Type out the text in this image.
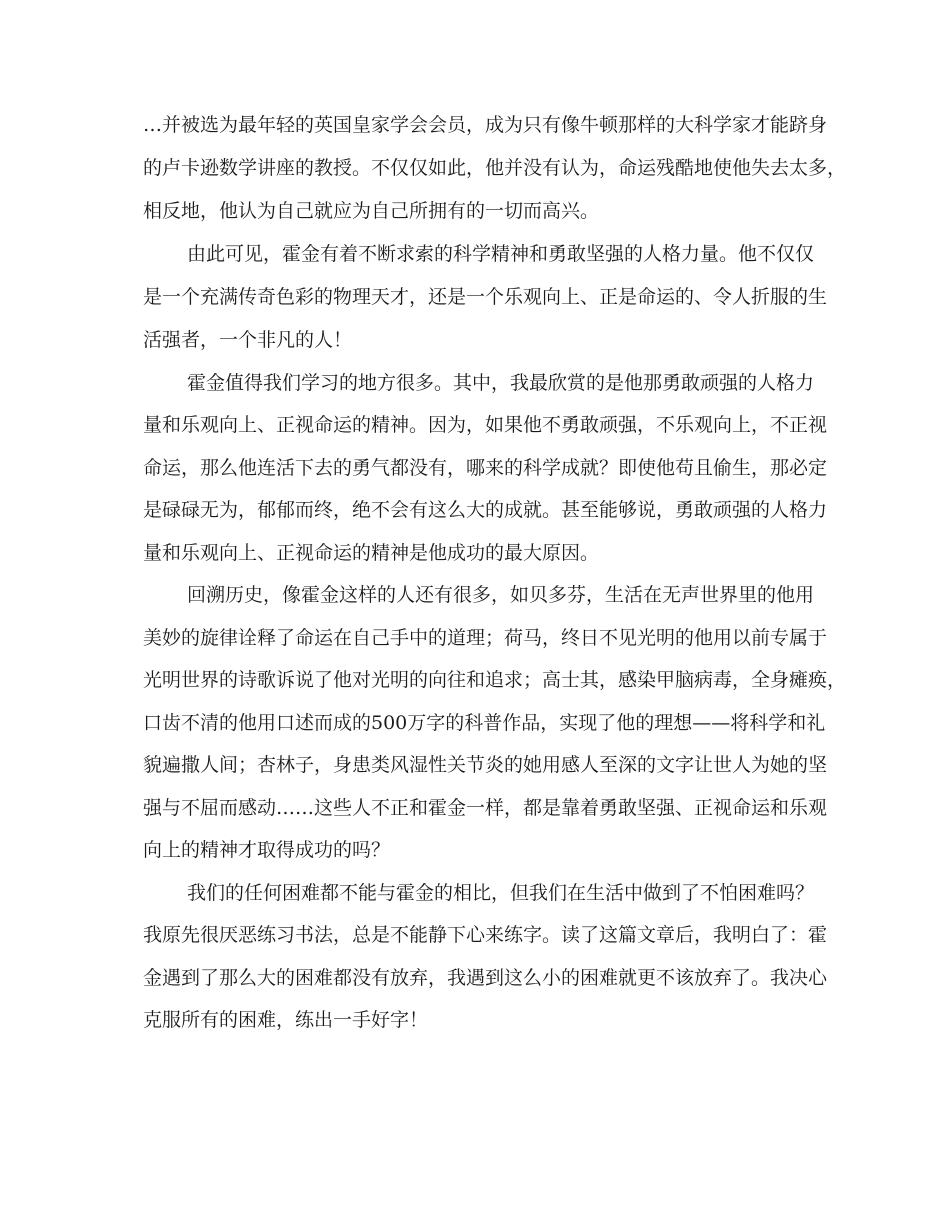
…并被选为最年轻的英国皇家学会会员，成为只有像牛顿那样的大科学家才能跻身
的卢卡逊数学讲座的教授。不仅仅如此，他并没有认为，命运残酷地使他失去太多，
相反地，他认为自己就应为自己所拥有的一切而高兴。
由此可见，霍金有着不断求索的科学精神和勇敢坚强的人格力量。他不仅仅
是一个充满传奇色彩的物理天才，还是一个乐观向上、正是命运的、令人折服的生
活强者，一个非凡的人！
霍金值得我们学习的地方很多。其中，我最欣赏的是他那勇敢顽强的人格力
量和乐观向上、正视命运的精神。因为，如果他不勇敢顽强，不乐观向上，不正视
命运，那么他连活下去的勇气都没有，哪来的科学成就？即使他苟且偷生，那必定
是碌碌无为，郁郁而终，绝不会有这么大的成就。甚至能够说，勇敢顽强的人格力
量和乐观向上、正视命运的精神是他成功的最大原因。
回溯历史，像霍金这样的人还有很多，如贝多芬，生活在无声世界里的他用
美妙的旋律诠释了命运在自己手中的道理；荷马，终日不见光明的他用以前专属于
光明世界的诗歌诉说了他对光明的向往和追求；高士其，感染甲脑病毒，全身瘫痪，
口齿不清的他用口述而成的500万字的科普作品，实现了他的理想——将科学和礼
貌遍撒人间；杏林子，身患类风湿性关节炎的她用感人至深的文字让世人为她的坚
强与不屈而感动……这些人不正和霍金一样，都是靠着勇敢坚强、正视命运和乐观
向上的精神才取得成功的吗？
我们的任何困难都不能与霍金的相比，但我们在生活中做到了不怕困难吗？
我原先很厌恶练习书法，总是不能静下心来练字。读了这篇文章后，我明白了：霍
金遇到了那么大的困难都没有放弃，我遇到这么小的困难就更不该放弃了。我决心
克服所有的困难，练出一手好字！
